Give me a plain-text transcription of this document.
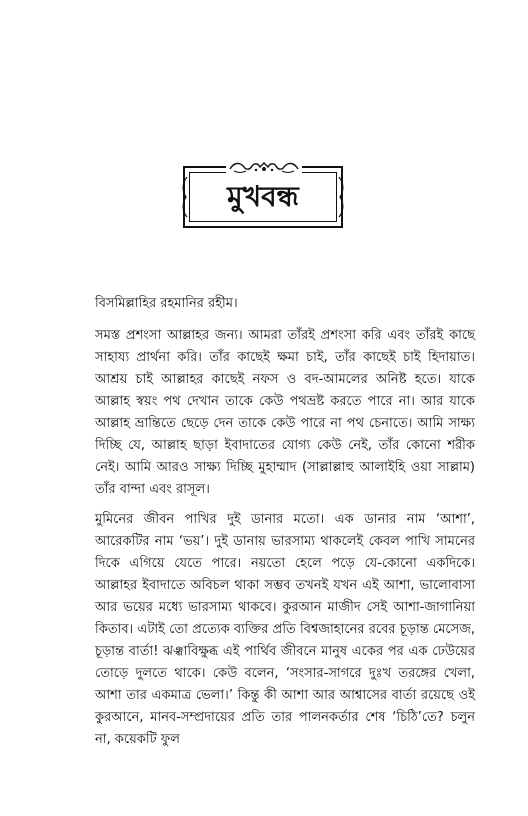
মুখবন্ধ

বিসমিল্লাহির রহমানির রহীম।

সমস্ত প্রশংসা আল্লাহর জন্য। আমরা তাঁরই প্রশংসা করি এবং তাঁরই কাছে সাহায্য প্রার্থনা করি। তাঁর কাছেই ক্ষমা চাই, তাঁর কাছেই চাই হিদায়াত। আশ্রয় চাই আল্লাহর কাছেই নফস ও বদ-আমলের অনিষ্ট হতে। যাকে আল্লাহ স্বয়ং পথ দেখান তাকে কেউ পথভ্রষ্ট করতে পারে না। আর যাকে আল্লাহ ভ্রান্তিতে ছেড়ে দেন তাকে কেউ পারে না পথ চেনাতে। আমি সাক্ষ্য দিচ্ছি যে, আল্লাহ ছাড়া ইবাদাতের যোগ্য কেউ নেই, তাঁর কোনো শরীক নেই। আমি আরও সাক্ষ্য দিচ্ছি মুহাম্মাদ (সাল্লাল্লাহু আলাইহি ওয়া সাল্লাম) তাঁর বান্দা এবং রাসূল।

মুমিনের জীবন পাখির দুই ডানার মতো। এক ডানার নাম ‘আশা’, আরেকটির নাম ‘ভয়’। দুই ডানায় ভারসাম্য থাকলেই কেবল পাখি সামনের দিকে এগিয়ে যেতে পারে। নয়তো হেলে পড়ে যে-কোনো একদিকে। আল্লাহর ইবাদাতে অবিচল থাকা সম্ভব তখনই যখন এই আশা, ভালোবাসা আর ভয়ের মধ্যে ভারসাম্য থাকবে। কুরআন মাজীদ সেই আশা-জাগানিয়া কিতাব। এটাই তো প্রত্যেক ব্যক্তির প্রতি বিশ্বজাহানের রবের চূড়ান্ত মেসেজ, চূড়ান্ত বার্তা! ঝঞ্ঝাবিক্ষুব্ধ এই পার্থিব জীবনে মানুষ একের পর এক ঢেউয়ের তোড়ে দুলতে থাকে। কেউ বলেন, ‘সংসার-সাগরে দুঃখ তরঙ্গের খেলা, আশা তার একমাত্র ভেলা।’ কিন্তু কী আশা আর আশ্বাসের বার্তা রয়েছে ওই কুরআনে, মানব-সম্প্রদায়ের প্রতি তার পালনকর্তার শেষ ‘চিঠি’তে? চলুন না, কয়েকটি ফুল
